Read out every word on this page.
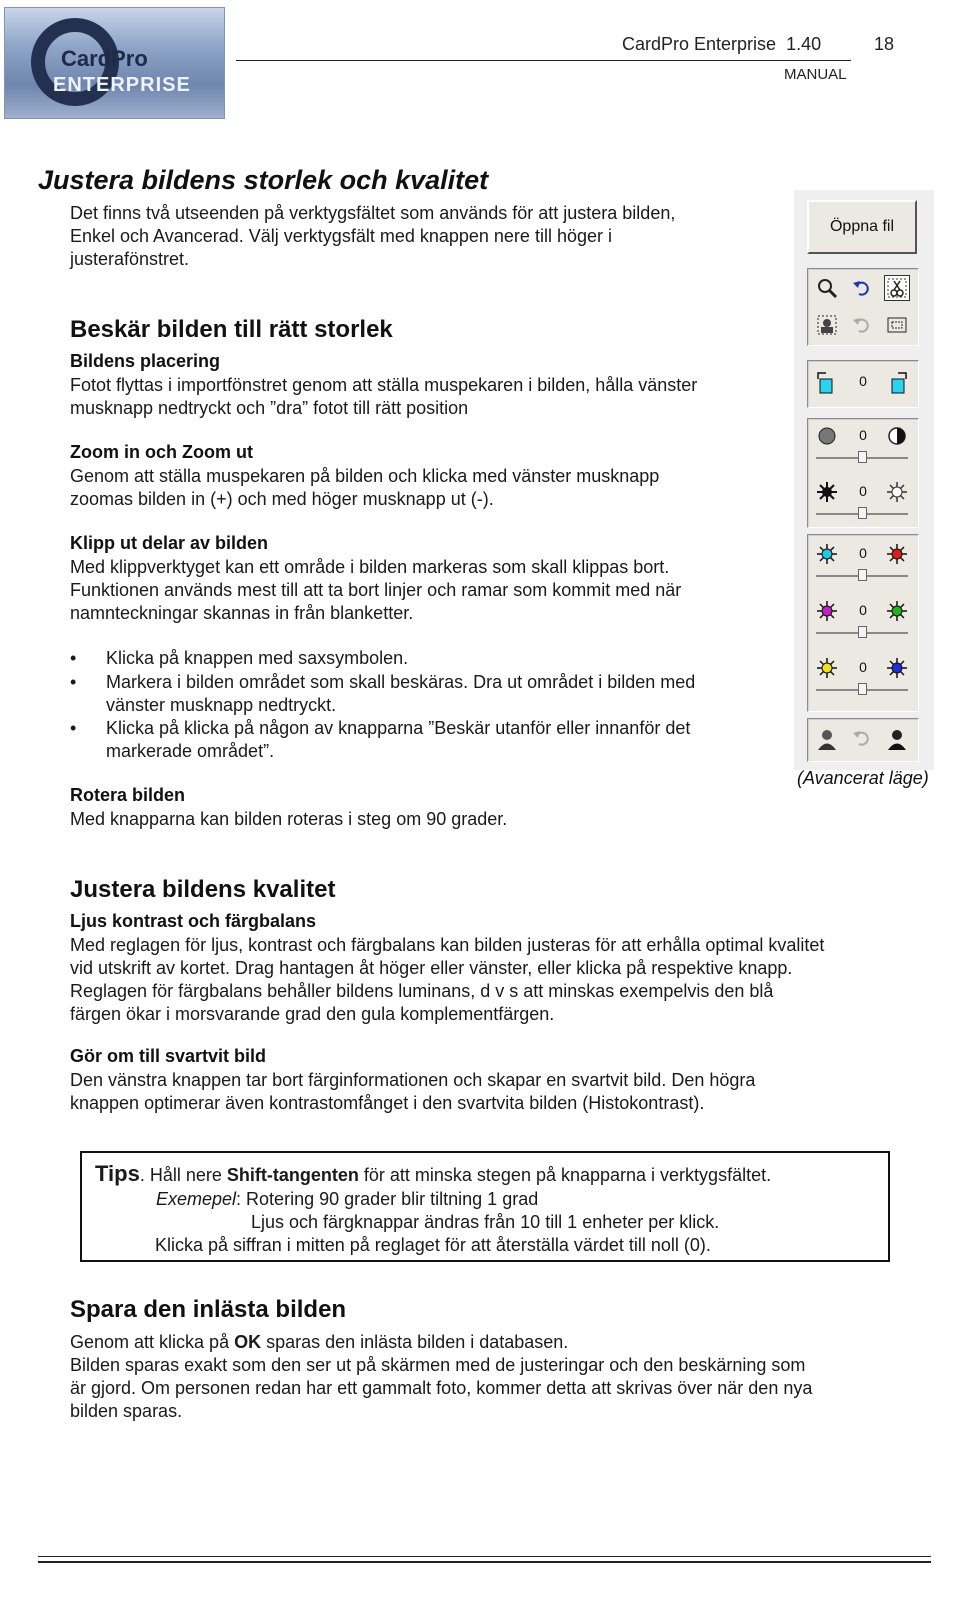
CardPro
ENTERPRISE
CardPro Enterprise  1.40	18
MANUAL
Justera bildens storlek och kvalitet
Det finns två utseenden på verktygsfältet som används för att justera bilden,
Enkel och Avancerad. Välj verktygsfält med knappen nere till höger i
justerafönstret.
Beskär bilden till rätt storlek
Bildens placering
Fotot flyttas i importfönstret genom att ställa muspekaren i bilden, hålla vänster
musknapp nedtryckt och ”dra” fotot till rätt position
Zoom in och Zoom ut
Genom att ställa muspekaren på bilden och klicka med vänster musknapp
zoomas bilden in (+) och med höger musknapp ut (-).
Klipp ut delar av bilden
Med klippverktyget kan ett område i bilden markeras som skall klippas bort.
Funktionen används mest till att ta bort linjer och ramar som kommit med när
namnteckningar skannas in från blanketter.
• Klicka på knappen med saxsymbolen.
• Markera i bilden området som skall beskäras. Dra ut området i bilden med
vänster musknapp nedtryckt.
• Klicka på klicka på någon av knapparna ”Beskär utanför eller innanför det
markerade området”.
Rotera bilden
Med knapparna kan bilden roteras i steg om 90 grader.
Öppna fil
0
0
0
0
0
0
(Avancerat läge)
Justera bildens kvalitet
Ljus kontrast och färgbalans
Med reglagen för ljus, kontrast och färgbalans kan bilden justeras för att erhålla optimal kvalitet
vid utskrift av kortet. Drag hantagen åt höger eller vänster, eller klicka på respektive knapp.
Reglagen för färgbalans behåller bildens luminans, d v s att minskas exempelvis den blå
färgen ökar i morsvarande grad den gula komplementfärgen.
Gör om till svartvit bild
Den vänstra knappen tar bort färginformationen och skapar en svartvit bild. Den högra
knappen optimerar även kontrastomfånget i den svartvita bilden (Histokontrast).
Tips. Håll nere Shift-tangenten för att minska stegen på knapparna i verktygsfältet.
Exemepel: Rotering 90 grader blir tiltning 1 grad
Ljus och färgknappar ändras från 10 till 1 enheter per klick.
Klicka på siffran i mitten på reglaget för att återställa värdet till noll (0).
Spara den inlästa bilden
Genom att klicka på OK sparas den inlästa bilden i databasen.
Bilden sparas exakt som den ser ut på skärmen med de justeringar och den beskärning som
är gjord. Om personen redan har ett gammalt foto, kommer detta att skrivas över när den nya
bilden sparas.
